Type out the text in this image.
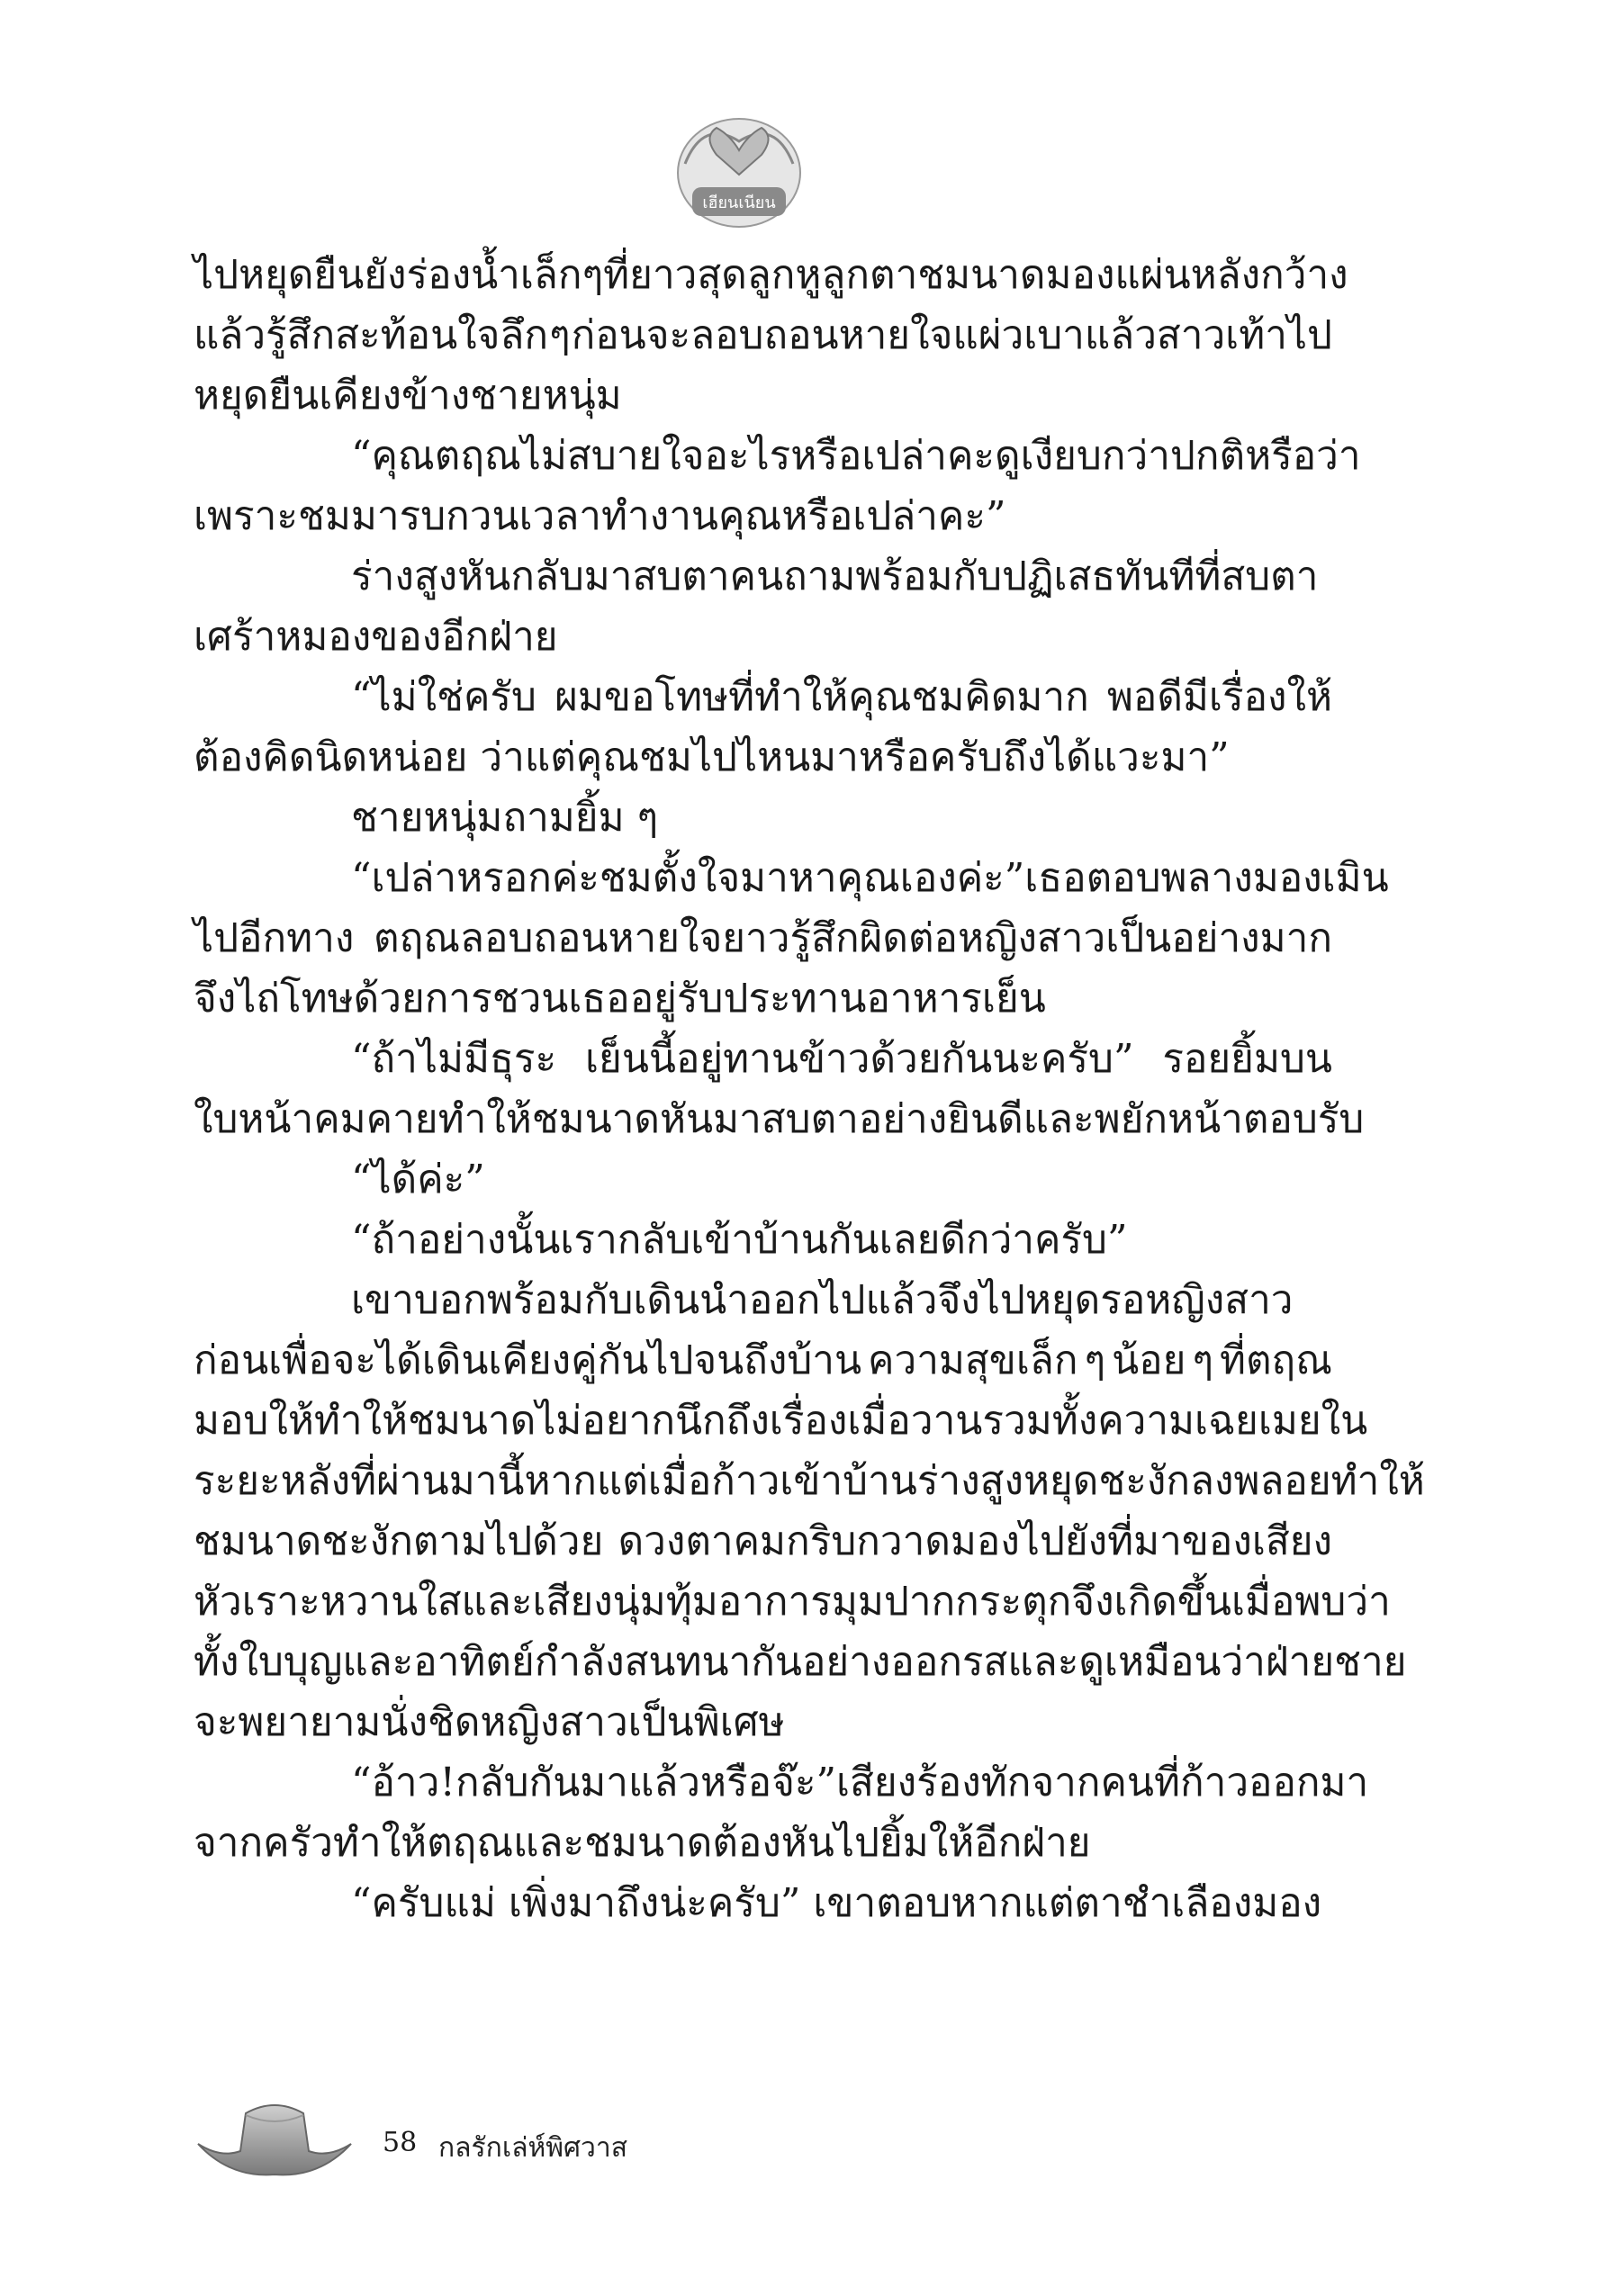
เฮียนเนียน
ไปหยุดยืนยังร่องน้ำเล็ก ๆ ที่ยาวสุดลูกหูลูกตา ชมนาดมองแผ่นหลังกว้าง
แล้วรู้สึกสะท้อนใจลึก ๆ ก่อนจะลอบถอนหายใจแผ่วเบาแล้วสาวเท้าไป
หยุดยืนเคียงข้างชายหนุ่ม
“คุณตฤณไม่สบายใจอะไรหรือเปล่าคะ ดูเงียบกว่าปกติ หรือว่า
เพราะชมมารบกวนเวลาทำงานคุณหรือเปล่าคะ”
ร่างสูงหันกลับมาสบตาคนถามพร้อมกับปฏิเสธทันทีที่สบตา
เศร้าหมองของอีกฝ่าย
“ไม่ใช่ครับ ผมขอโทษที่ทำให้คุณชมคิดมาก พอดีมีเรื่องให้
ต้องคิดนิดหน่อย ว่าแต่คุณชมไปไหนมาหรือครับถึงได้แวะมา”
ชายหนุ่มถามยิ้ม ๆ
“เปล่าหรอกค่ะ ชมตั้งใจมาหาคุณเองค่ะ” เธอตอบพลางมองเมิน
ไปอีกทาง ตฤณลอบถอนหายใจยาวรู้สึกผิดต่อหญิงสาวเป็นอย่างมาก
จึงไถ่โทษด้วยการชวนเธออยู่รับประทานอาหารเย็น
“ถ้าไม่มีธุระ เย็นนี้อยู่ทานข้าวด้วยกันนะครับ” รอยยิ้มบน
ใบหน้าคมคายทำให้ชมนาดหันมาสบตาอย่างยินดีและพยักหน้าตอบรับ
“ได้ค่ะ”
“ถ้าอย่างนั้นเรากลับเข้าบ้านกันเลยดีกว่าครับ”
เขาบอกพร้อมกับเดินนำออกไปแล้วจึงไปหยุดรอหญิงสาว
ก่อนเพื่อจะได้เดินเคียงคู่กันไปจนถึงบ้าน ความสุขเล็ก ๆ น้อย ๆ ที่ตฤณ
มอบให้ทำให้ชมนาดไม่อยากนึกถึงเรื่องเมื่อวาน รวมทั้งความเฉยเมยใน
ระยะหลังที่ผ่านมานี้ หากแต่เมื่อก้าวเข้าบ้านร่างสูงหยุดชะงักลงพลอยทำให้
ชมนาดชะงักตามไปด้วย ดวงตาคมกริบกวาดมองไปยังที่มาของเสียง
หัวเราะหวานใสและเสียงนุ่มทุ้ม อาการมุมปากกระตุกจึงเกิดขึ้นเมื่อพบว่า
ทั้งใบบุญและอาทิตย์กำลังสนทนากันอย่างออกรส และดูเหมือนว่าฝ่ายชาย
จะพยายามนั่งชิดหญิงสาวเป็นพิเศษ
“อ้าว! กลับกันมาแล้วหรือจ๊ะ” เสียงร้องทักจากคนที่ก้าวออกมา
จากครัวทำให้ตฤณและชมนาดต้องหันไปยิ้มให้อีกฝ่าย
“ครับแม่ เพิ่งมาถึงน่ะครับ” เขาตอบหากแต่ตาชำเลืองมอง
58 กลรักเล่ห์พิศวาส
